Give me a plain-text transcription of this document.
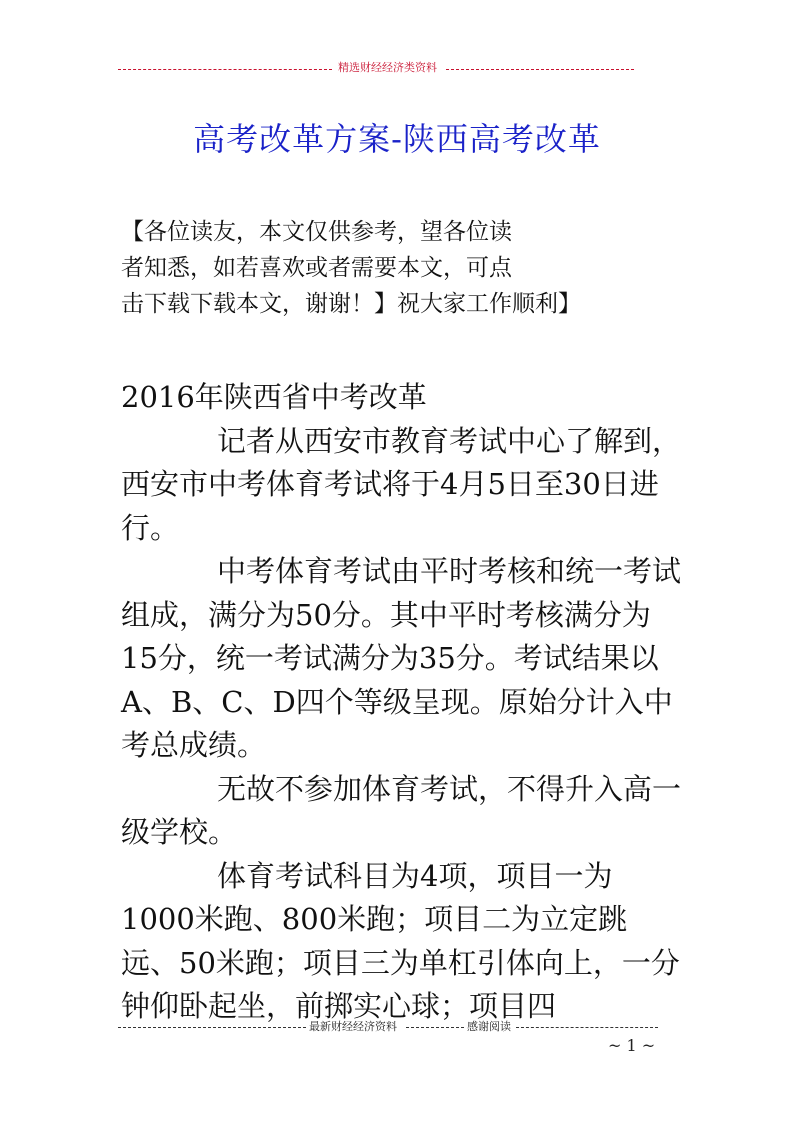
精选财经经济类资料
高考改革方案-陕西高考改革
【各位读友，本文仅供参考，望各位读
者知悉，如若喜欢或者需要本文，可点
击下载下载本文，谢谢！】祝大家工作顺利】

2016年陕西省中考改革

记者从西安市教育考试中心了解到，西安市中考体育考试将于4月5日至30日进行。

中考体育考试由平时考核和统一考试组成，满分为50分。其中平时考核满分为15分，统一考试满分为35分。考试结果以A、B、C、D四个等级呈现。原始分计入中考总成绩。

无故不参加体育考试，不得升入高一级学校。

体育考试科目为4项，项目一为1000米跑、800米跑；项目二为立定跳远、50米跑；项目三为单杠引体向上，一分钟仰卧起坐，前掷实心球；项目四

最新财经经济资料	感谢阅读
~ 1 ~
